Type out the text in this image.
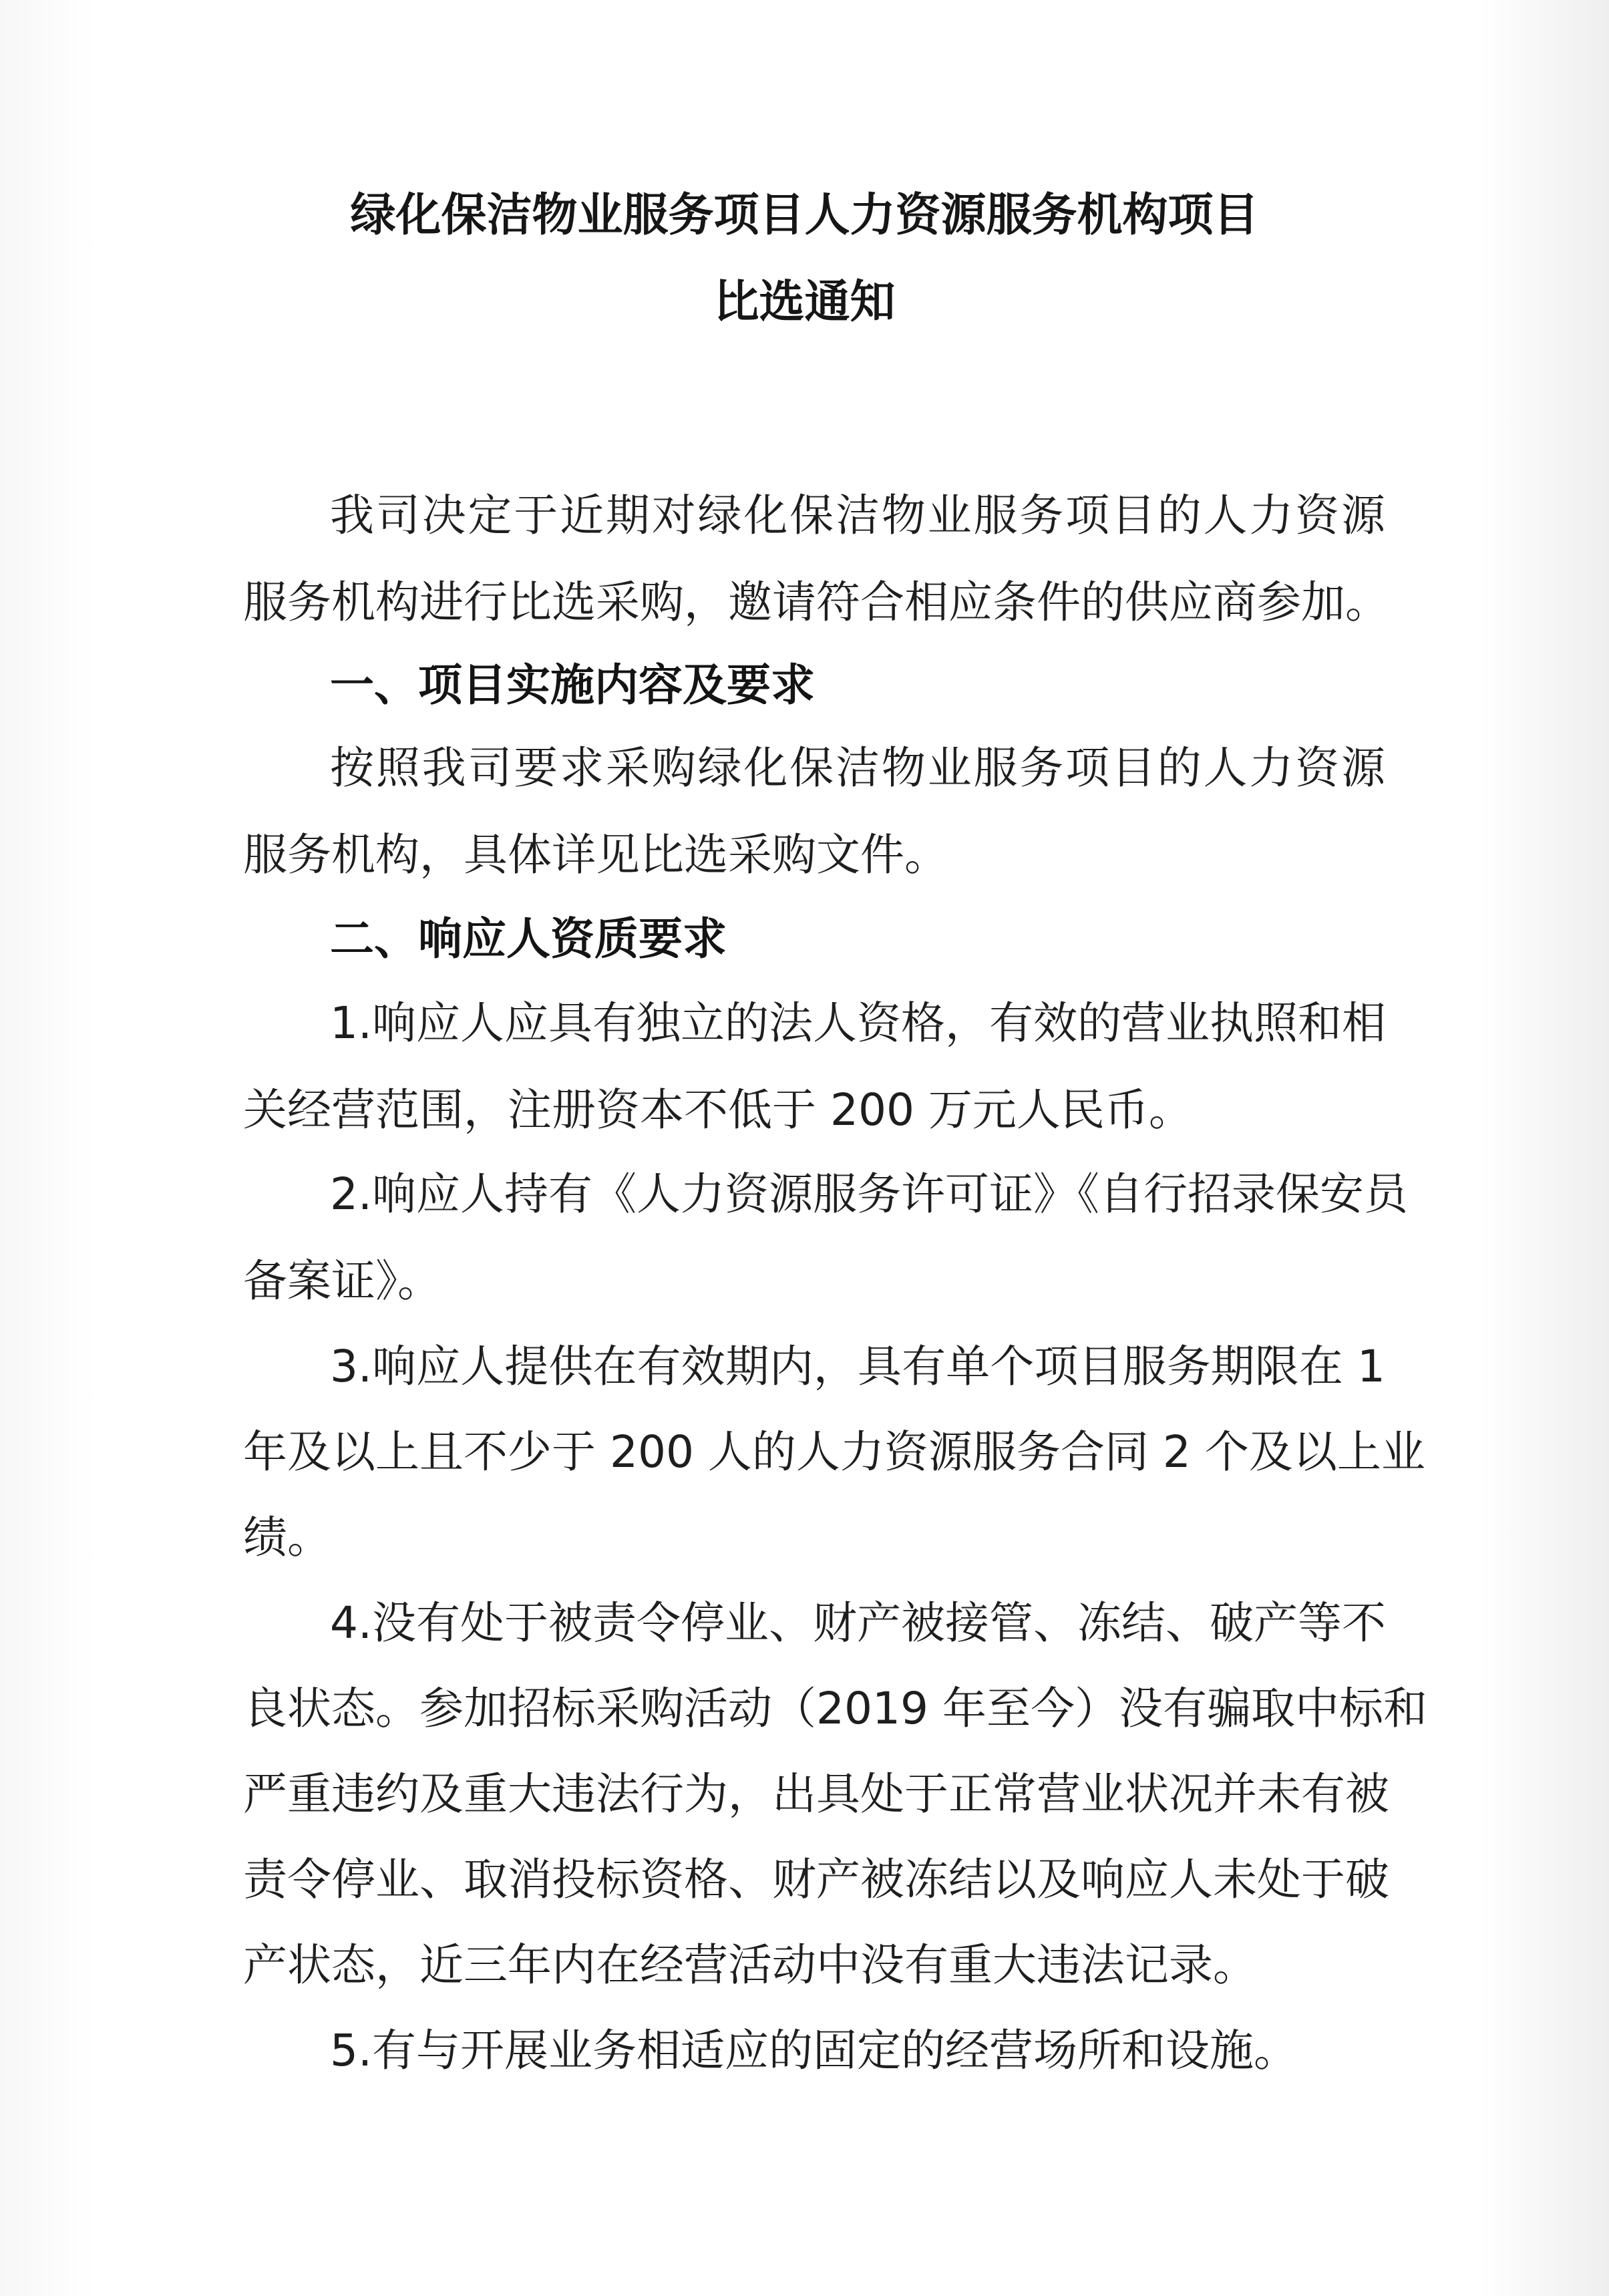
绿化保洁物业服务项目人力资源服务机构项目
比选通知
我司决定于近期对绿化保洁物业服务项目的人力资源
服务机构进行比选采购，邀请符合相应条件的供应商参加。
一、项目实施内容及要求
按照我司要求采购绿化保洁物业服务项目的人力资源
服务机构，具体详见比选采购文件。
二、响应人资质要求
1.响应人应具有独立的法人资格，有效的营业执照和相
关经营范围，注册资本不低于 200 万元人民币。
2.响应人持有《人力资源服务许可证》《自行招录保安员
备案证》。
3.响应人提供在有效期内，具有单个项目服务期限在 1
年及以上且不少于 200 人的人力资源服务合同 2 个及以上业
绩。
4.没有处于被责令停业、财产被接管、冻结、破产等不
良状态。参加招标采购活动（2019 年至今）没有骗取中标和
严重违约及重大违法行为，出具处于正常营业状况并未有被
责令停业、取消投标资格、财产被冻结以及响应人未处于破
产状态，近三年内在经营活动中没有重大违法记录。
5.有与开展业务相适应的固定的经营场所和设施。
